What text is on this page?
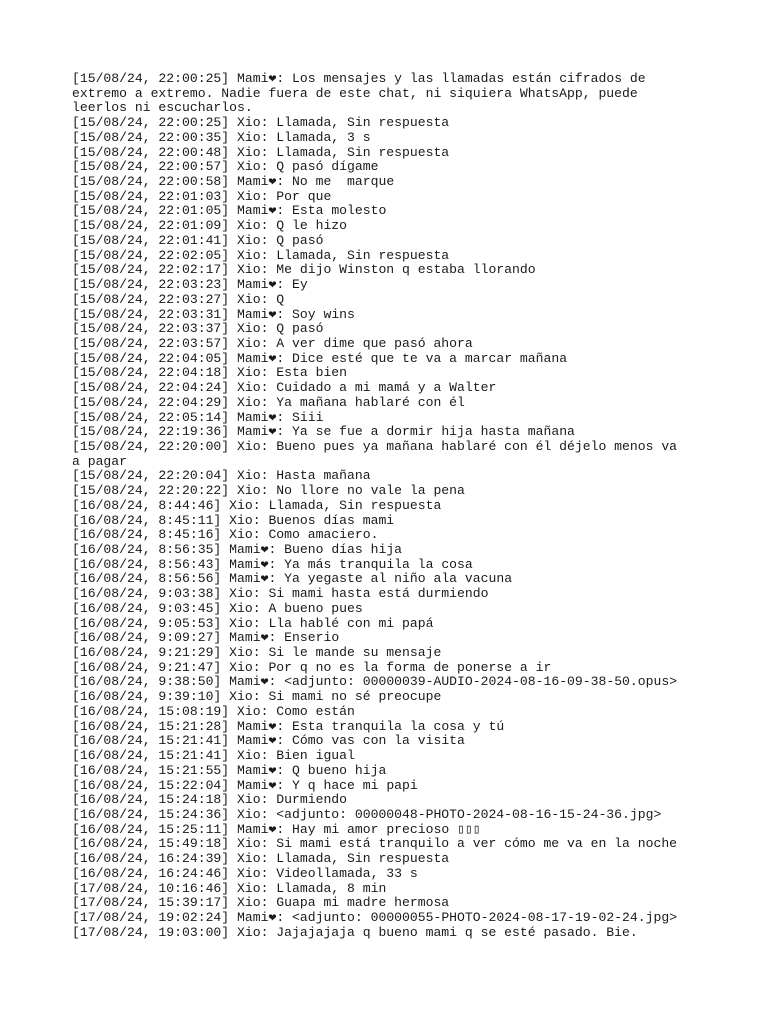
[15/08/24, 22:00:25] Mami❤: Los mensajes y las llamadas están cifrados de extremo a extremo. Nadie fuera de este chat, ni siquiera WhatsApp, puede leerlos ni escucharlos.

[15/08/24, 22:00:25] Xio: Llamada, Sin respuesta

[15/08/24, 22:00:35] Xio: Llamada, 3 s

[15/08/24, 22:00:48] Xio: Llamada, Sin respuesta

[15/08/24, 22:00:57] Xio: Q pasó dígame

[15/08/24, 22:00:58] Mami❤: No me  marque

[15/08/24, 22:01:03] Xio: Por que

[15/08/24, 22:01:05] Mami❤: Esta molesto

[15/08/24, 22:01:09] Xio: Q le hizo

[15/08/24, 22:01:41] Xio: Q pasó

[15/08/24, 22:02:05] Xio: Llamada, Sin respuesta

[15/08/24, 22:02:17] Xio: Me dijo Winston q estaba llorando

[15/08/24, 22:03:23] Mami❤: Ey

[15/08/24, 22:03:27] Xio: Q

[15/08/24, 22:03:31] Mami❤: Soy wins

[15/08/24, 22:03:37] Xio: Q pasó

[15/08/24, 22:03:57] Xio: A ver dime que pasó ahora

[15/08/24, 22:04:05] Mami❤: Dice esté que te va a marcar mañana

[15/08/24, 22:04:18] Xio: Esta bien

[15/08/24, 22:04:24] Xio: Cuidado a mi mamá y a Walter

[15/08/24, 22:04:29] Xio: Ya mañana hablaré con él

[15/08/24, 22:05:14] Mami❤: Siii

[15/08/24, 22:19:36] Mami❤: Ya se fue a dormir hija hasta mañana

[15/08/24, 22:20:00] Xio: Bueno pues ya mañana hablaré con él déjelo menos va a pagar

[15/08/24, 22:20:04] Xio: Hasta mañana

[15/08/24, 22:20:22] Xio: No llore no vale la pena

[16/08/24, 8:44:46] Xio: Llamada, Sin respuesta

[16/08/24, 8:45:11] Xio: Buenos días mami

[16/08/24, 8:45:16] Xio: Como amaciero.

[16/08/24, 8:56:35] Mami❤: Bueno días hija

[16/08/24, 8:56:43] Mami❤: Ya más tranquila la cosa

[16/08/24, 8:56:56] Mami❤: Ya yegaste al niño ala vacuna

[16/08/24, 9:03:38] Xio: Si mami hasta está durmiendo

[16/08/24, 9:03:45] Xio: A bueno pues

[16/08/24, 9:05:53] Xio: Lla hablé con mi papá

[16/08/24, 9:09:27] Mami❤: Enserio

[16/08/24, 9:21:29] Xio: Si le mande su mensaje

[16/08/24, 9:21:47] Xio: Por q no es la forma de ponerse a ir

[16/08/24, 9:38:50] Mami❤: <adjunto: 00000039-AUDIO-2024-08-16-09-38-50.opus>

[16/08/24, 9:39:10] Xio: Si mami no sé preocupe

[16/08/24, 15:08:19] Xio: Como están

[16/08/24, 15:21:28] Mami❤: Esta tranquila la cosa y tú

[16/08/24, 15:21:41] Mami❤: Cómo vas con la visita

[16/08/24, 15:21:41] Xio: Bien igual

[16/08/24, 15:21:55] Mami❤: Q bueno hija

[16/08/24, 15:22:04] Mami❤: Y q hace mi papi

[16/08/24, 15:24:18] Xio: Durmiendo

[16/08/24, 15:24:36] Xio: <adjunto: 00000048-PHOTO-2024-08-16-15-24-36.jpg>

[16/08/24, 15:25:11] Mami❤: Hay mi amor precioso ▯▯▯

[16/08/24, 15:49:18] Xio: Si mami está tranquilo a ver cómo me va en la noche

[16/08/24, 16:24:39] Xio: Llamada, Sin respuesta

[16/08/24, 16:24:46] Xio: Videollamada, 33 s

[17/08/24, 10:16:46] Xio: Llamada, 8 min

[17/08/24, 15:39:17] Xio: Guapa mi madre hermosa

[17/08/24, 19:02:24] Mami❤: <adjunto: 00000055-PHOTO-2024-08-17-19-02-24.jpg>

[17/08/24, 19:03:00] Xio: Jajajajaja q bueno mami q se esté pasado. Bie.
